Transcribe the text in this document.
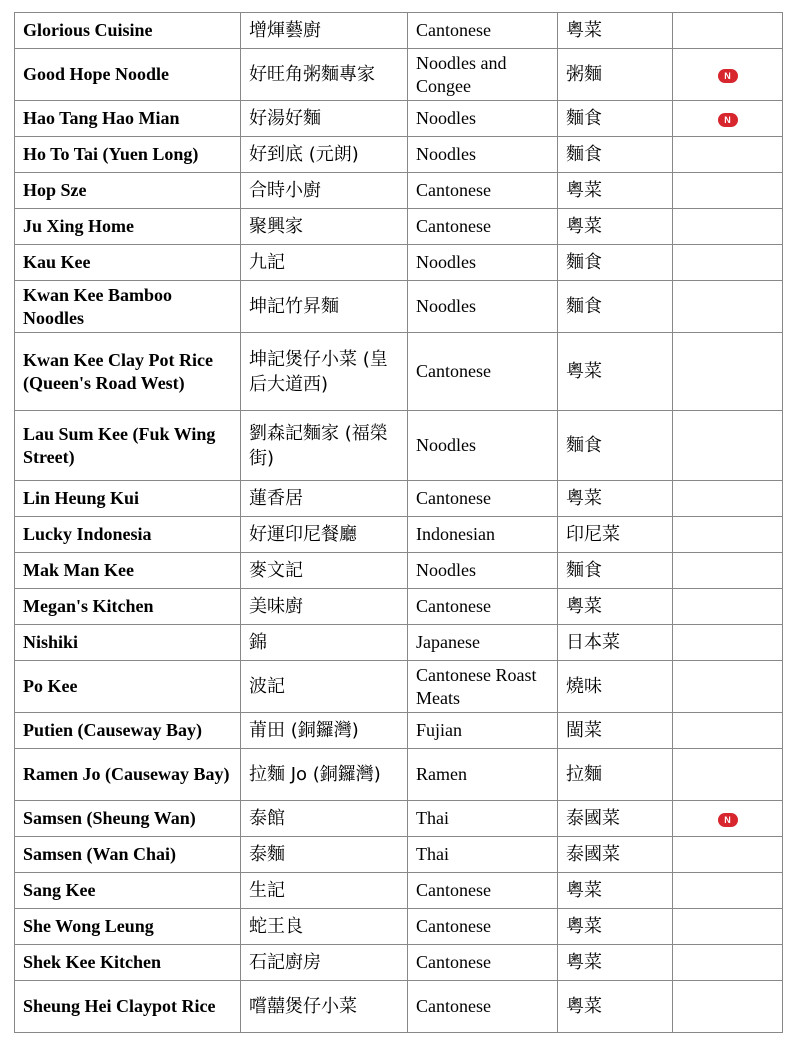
Glorious Cuisine	增煇藝廚	Cantonese	粵菜	
Good Hope Noodle	好旺角粥麵專家	Noodles and Congee	粥麵	N
Hao Tang Hao Mian	好湯好麵	Noodles	麵食	N
Ho To Tai (Yuen Long)	好到底 (元朗)	Noodles	麵食	
Hop Sze	合時小廚	Cantonese	粵菜	
Ju Xing Home	聚興家	Cantonese	粵菜	
Kau Kee	九記	Noodles	麵食	
Kwan Kee Bamboo Noodles	坤記竹昇麵	Noodles	麵食	
Kwan Kee Clay Pot Rice (Queen's Road West)	坤記煲仔小菜 (皇后大道西)	Cantonese	粵菜	
Lau Sum Kee (Fuk Wing Street)	劉森記麵家 (福榮街)	Noodles	麵食	
Lin Heung Kui	蓮香居	Cantonese	粵菜	
Lucky Indonesia	好運印尼餐廳	Indonesian	印尼菜	
Mak Man Kee	麥文記	Noodles	麵食	
Megan's Kitchen	美味廚	Cantonese	粵菜	
Nishiki	錦	Japanese	日本菜	
Po Kee	波記	Cantonese Roast Meats	燒味	
Putien (Causeway Bay)	莆田 (銅鑼灣)	Fujian	閩菜	
Ramen Jo (Causeway Bay)	拉麵 Jo (銅鑼灣)	Ramen	拉麵	
Samsen (Sheung Wan)	泰館	Thai	泰國菜	N
Samsen (Wan Chai)	泰麵	Thai	泰國菜	
Sang Kee	生記	Cantonese	粵菜	
She Wong Leung	蛇王良	Cantonese	粵菜	
Shek Kee Kitchen	石記廚房	Cantonese	粵菜	
Sheung Hei Claypot Rice	嚐囍煲仔小菜	Cantonese	粵菜	
